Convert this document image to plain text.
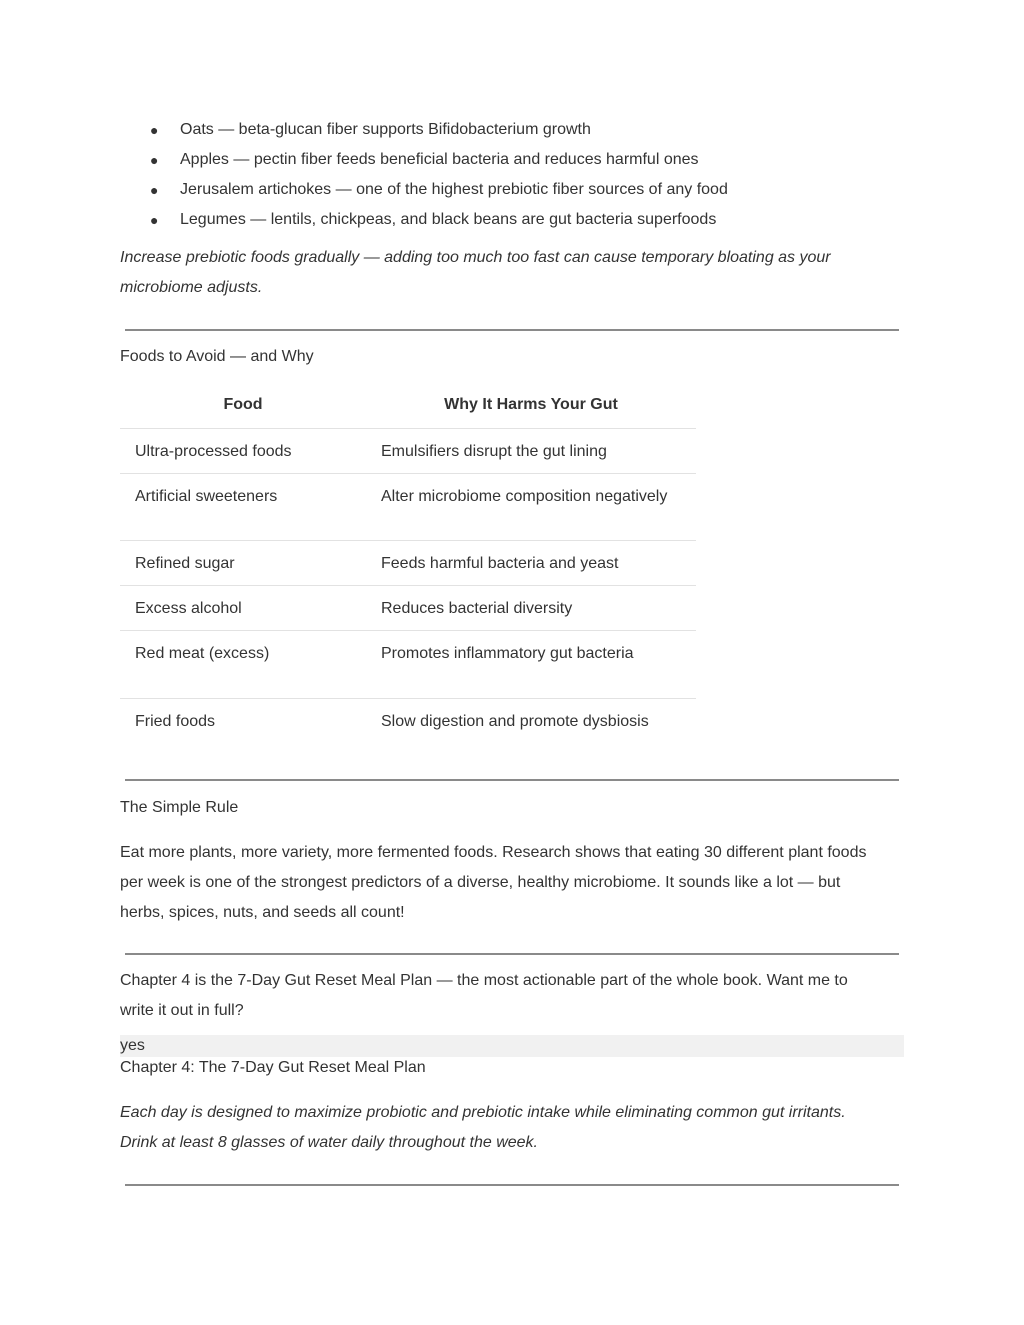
● Oats — beta-glucan fiber supports Bifidobacterium growth
● Apples — pectin fiber feeds beneficial bacteria and reduces harmful ones
● Jerusalem artichokes — one of the highest prebiotic fiber sources of any food
● Legumes — lentils, chickpeas, and black beans are gut bacteria superfoods
Increase prebiotic foods gradually — adding too much too fast can cause temporary bloating as your
microbiome adjusts.
Foods to Avoid — and Why
Food	Why It Harms Your Gut
Ultra-processed foods	Emulsifiers disrupt the gut lining
Artificial sweeteners	Alter microbiome composition negatively
Refined sugar	Feeds harmful bacteria and yeast
Excess alcohol	Reduces bacterial diversity
Red meat (excess)	Promotes inflammatory gut bacteria
Fried foods	Slow digestion and promote dysbiosis
The Simple Rule
Eat more plants, more variety, more fermented foods. Research shows that eating 30 different plant foods
per week is one of the strongest predictors of a diverse, healthy microbiome. It sounds like a lot — but
herbs, spices, nuts, and seeds all count!
Chapter 4 is the 7-Day Gut Reset Meal Plan — the most actionable part of the whole book. Want me to
write it out in full?
yes
Chapter 4: The 7-Day Gut Reset Meal Plan
Each day is designed to maximize probiotic and prebiotic intake while eliminating common gut irritants.
Drink at least 8 glasses of water daily throughout the week.
